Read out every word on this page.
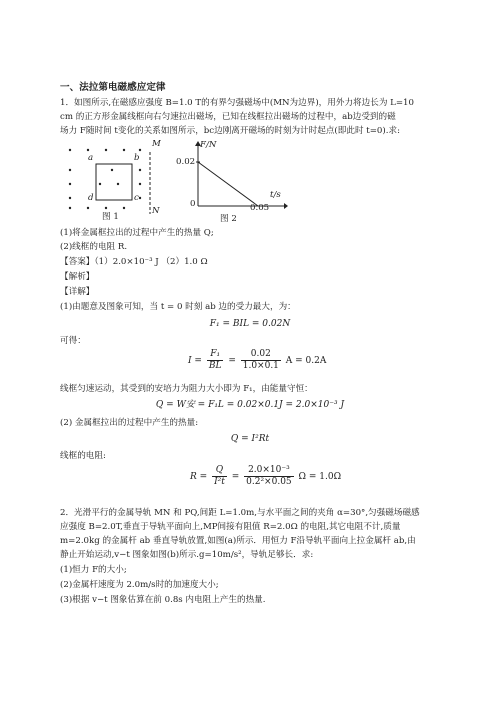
一、法拉第电磁感应定律
1．如图所示,在磁感应强度 B=1.0 T的有界匀强磁场中(MN为边界)，用外力将边长为 L=10
cm 的正方形金属线框向右匀速拉出磁场，已知在线框拉出磁场的过程中，ab边受到的磁
场力 F随时间 t变化的关系如图所示，bc边刚离开磁场的时刻为计时起点(即此时 t=0).求:
M
N
a	b
c
d
图 1
F/N
0.02
0
t/s
0.05
图 2
(1)将金属框拉出的过程中产生的热量 Q;
(2)线框的电阻 R.
【答案】（1）2.0×10⁻³ J （2）1.0 Ω
【解析】
【详解】
(1)由题意及图象可知，当 t = 0 时刻 ab 边的受力最大，为：
F₁ = BIL = 0.02N
可得：
$I = \frac{\text{F₁}}{BL} = \frac{0.02}{1.0\times 0.1}$ A = 0.2A
线框匀速运动，其受到的安培力为阻力大小即为 F₁，由能量守恒：
Q = W安 = F₁L = 0.02×0.1J = 2.0×10⁻³ J
(2) 金属框拉出的过程中产生的热量:
Q = I²Rt
线框的电阻:
$R = \frac{Q}{\text{I²t}} = \frac{\text{2.0×10⁻³}}{\text{0.2²×0.05}}$ Ω = 1.0Ω
2．光滑平行的金属导轨 MN 和 PQ,间距 L=1.0m,与水平面之间的夹角 α=30°,匀强磁场磁感
应强度 B=2.0T,垂直于导轨平面向上,MP间接有阻值 R=2.0Ω 的电阻,其它电阻不计,质量
m=2.0kg 的金属杆 ab 垂直导轨放置,如图(a)所示．用恒力 F沿导轨平面向上拉金属杆 ab,由
静止开始运动,v−t 图象如图(b)所示.g=10m/s²，导轨足够长．求:
(1)恒力 F的大小;
(2)金属杆速度为 2.0m/s时的加速度大小;
(3)根据 v−t 图象估算在前 0.8s 内电阻上产生的热量.
